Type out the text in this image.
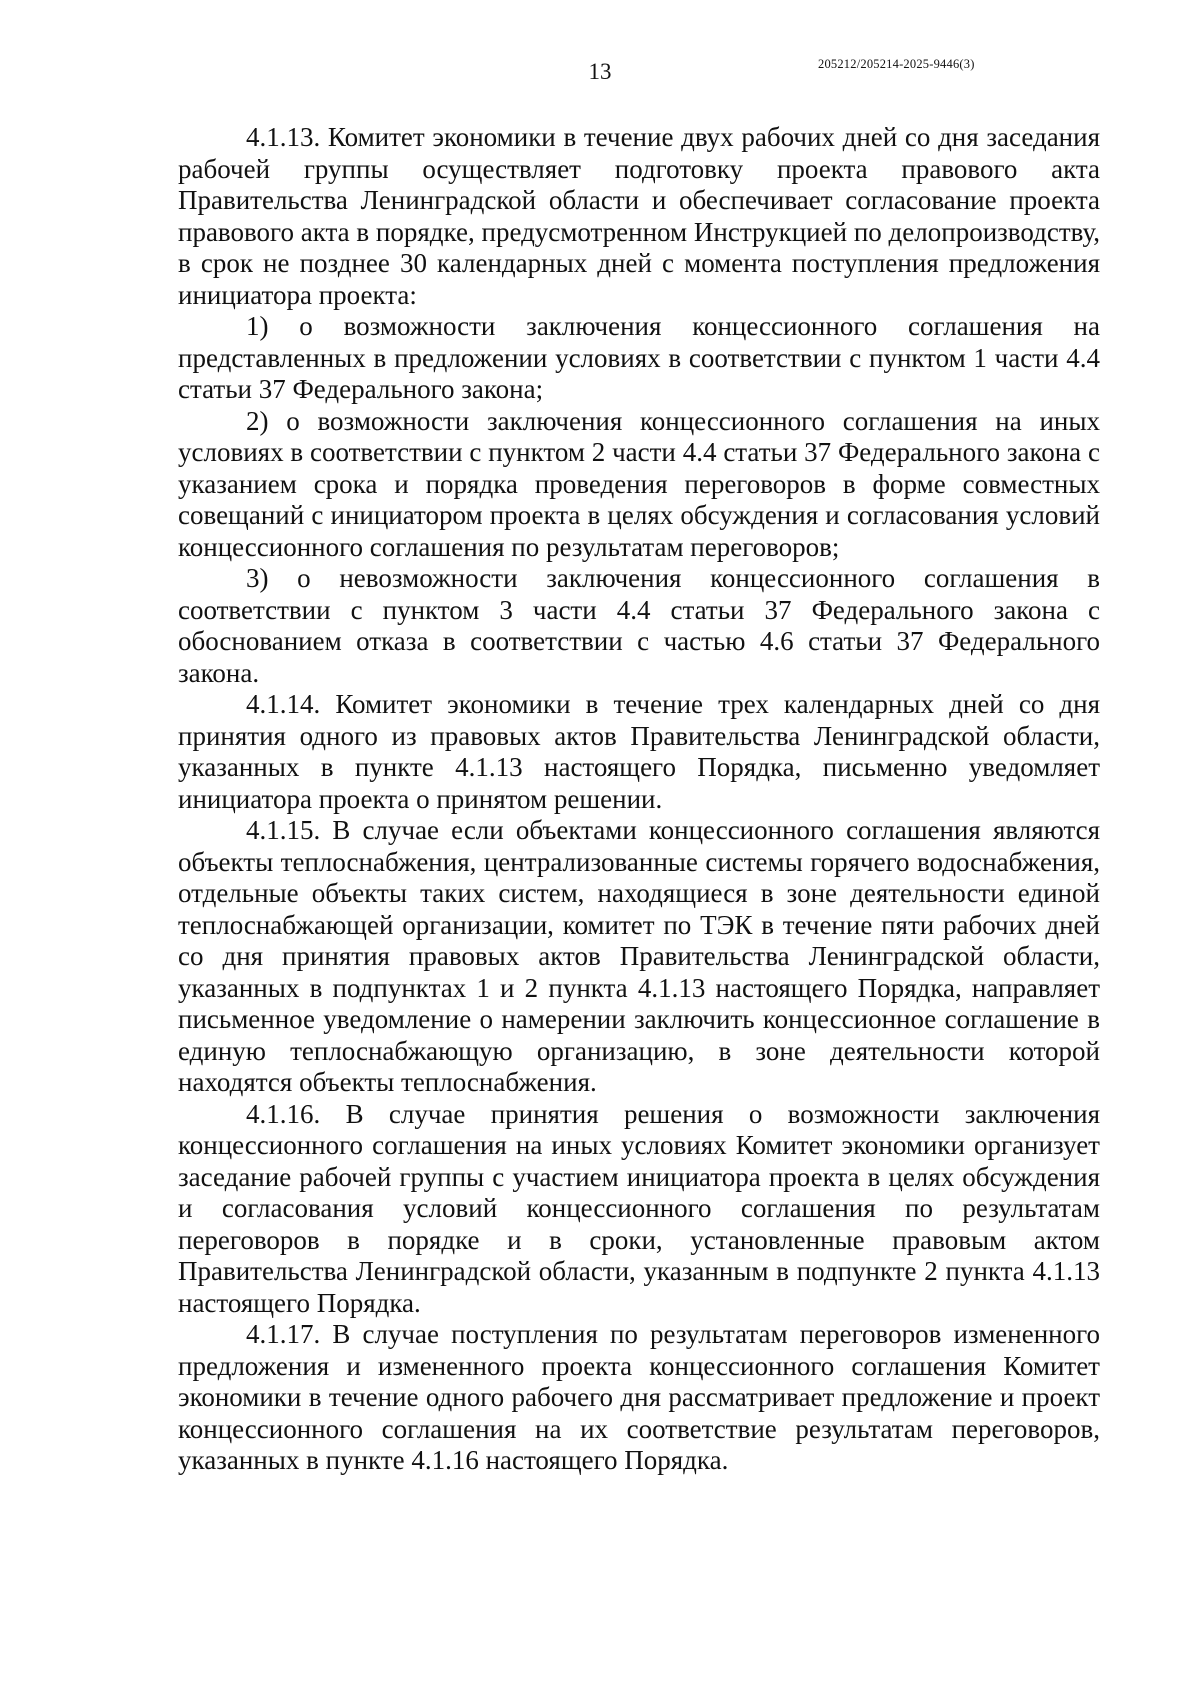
13	205212/205214-2025-9446(3)

4.1.13. Комитет экономики в течение двух рабочих дней со дня заседания рабочей группы осуществляет подготовку проекта правового акта Правительства Ленинградской области и обеспечивает согласование проекта правового акта в порядке, предусмотренном Инструкцией по делопроизводству, в срок не позднее 30 календарных дней с момента поступления предложения инициатора проекта:

1) о возможности заключения концессионного соглашения на представленных в предложении условиях в соответствии с пунктом 1 части 4.4 статьи 37 Федерального закона;

2) о возможности заключения концессионного соглашения на иных условиях в соответствии с пунктом 2 части 4.4 статьи 37 Федерального закона с указанием срока и порядка проведения переговоров в форме совместных совещаний с инициатором проекта в целях обсуждения и согласования условий концессионного соглашения по результатам переговоров;

3) о невозможности заключения концессионного соглашения в соответствии с пунктом 3 части 4.4 статьи 37 Федерального закона с обоснованием отказа в соответствии с частью 4.6 статьи 37 Федерального закона.

4.1.14. Комитет экономики в течение трех календарных дней со дня принятия одного из правовых актов Правительства Ленинградской области, указанных в пункте 4.1.13 настоящего Порядка, письменно уведомляет инициатора проекта о принятом решении.

4.1.15. В случае если объектами концессионного соглашения являются объекты теплоснабжения, централизованные системы горячего водоснабжения, отдельные объекты таких систем, находящиеся в зоне деятельности единой теплоснабжающей организации, комитет по ТЭК в течение пяти рабочих дней со дня принятия правовых актов Правительства Ленинградской области, указанных в подпунктах 1 и 2 пункта 4.1.13 настоящего Порядка, направляет письменное уведомление о намерении заключить концессионное соглашение в единую теплоснабжающую организацию, в зоне деятельности которой находятся объекты теплоснабжения.

4.1.16. В случае принятия решения о возможности заключения концессионного соглашения на иных условиях Комитет экономики организует заседание рабочей группы с участием инициатора проекта в целях обсуждения и согласования условий концессионного соглашения по результатам переговоров в порядке и в сроки, установленные правовым актом Правительства Ленинградской области, указанным в подпункте 2 пункта 4.1.13 настоящего Порядка.

4.1.17. В случае поступления по результатам переговоров измененного предложения и измененного проекта концессионного соглашения Комитет экономики в течение одного рабочего дня рассматривает предложение и проект концессионного соглашения на их соответствие результатам переговоров, указанных в пункте 4.1.16 настоящего Порядка.
